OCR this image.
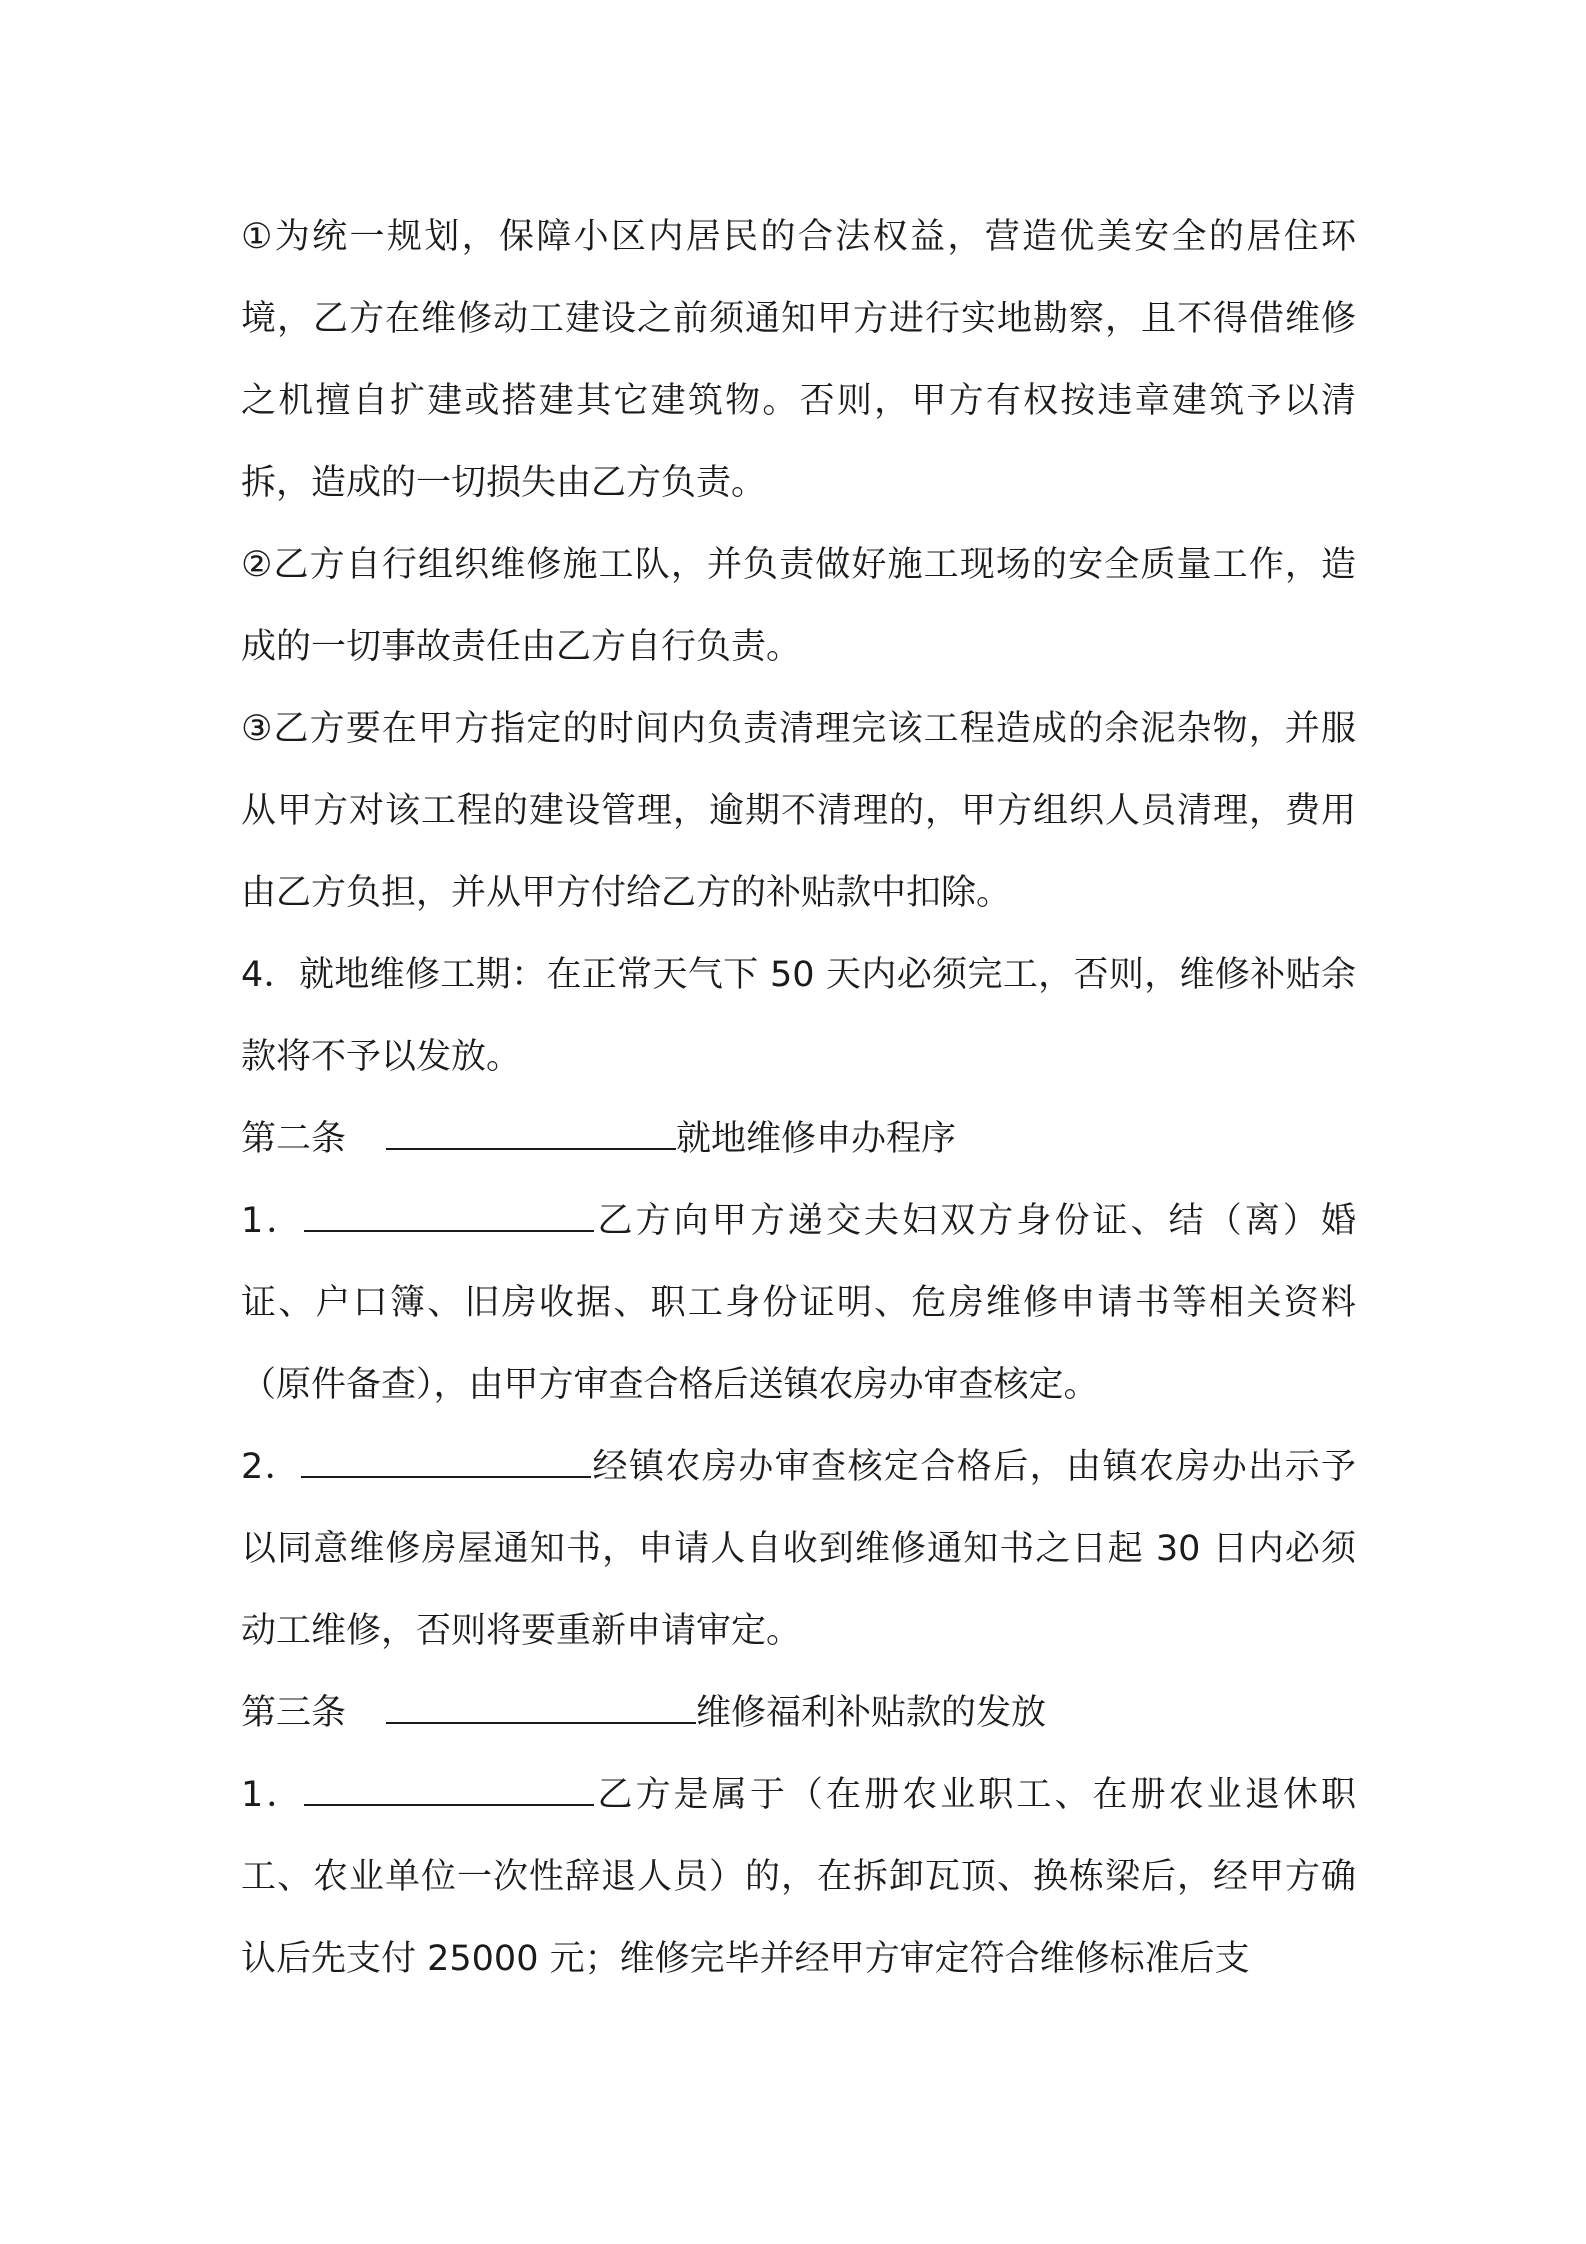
①为统一规划，保障小区内居民的合法权益，营造优美安全的居住环境，乙方在维修动工建设之前须通知甲方进行实地勘察，且不得借维修之机擅自扩建或搭建其它建筑物。否则，甲方有权按违章建筑予以清拆，造成的一切损失由乙方负责。

②乙方自行组织维修施工队，并负责做好施工现场的安全质量工作，造成的一切事故责任由乙方自行负责。

③乙方要在甲方指定的时间内负责清理完该工程造成的余泥杂物，并服从甲方对该工程的建设管理，逾期不清理的，甲方组织人员清理，费用由乙方负担，并从甲方付给乙方的补贴款中扣除。

4．就地维修工期：在正常天气下 50 天内必须完工，否则，维修补贴余款将不予以发放。

第二条	就地维修申办程序

1．	乙方向甲方递交夫妇双方身份证、结（离）婚证、户口簿、旧房收据、职工身份证明、危房维修申请书等相关资料（原件备查），由甲方审查合格后送镇农房办审查核定。

2．	经镇农房办审查核定合格后，由镇农房办出示予以同意维修房屋通知书，申请人自收到维修通知书之日起 30 日内必须动工维修，否则将要重新申请审定。

第三条	维修福利补贴款的发放

1．	乙方是属于（在册农业职工、在册农业退休职工、农业单位一次性辞退人员）的，在拆卸瓦顶、换栋梁后，经甲方确认后先支付 25000 元；维修完毕并经甲方审定符合维修标准后支
